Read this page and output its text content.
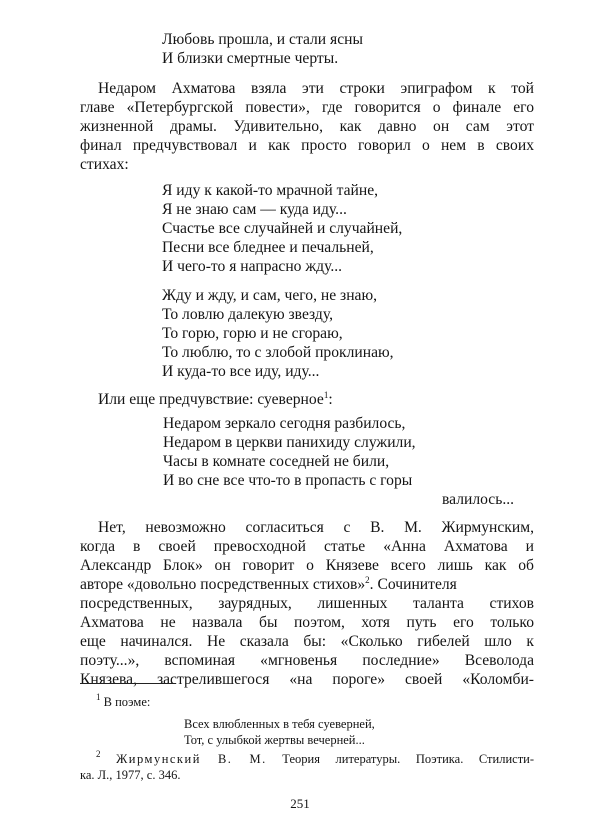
Любовь прошла, и стали ясны
И близки смертные черты.
Недаром Ахматова взяла эти строки эпиграфом к той
главе «Петербургской повести», где говорится о финале его
жизненной драмы. Удивительно, как давно он сам этот
финал предчувствовал и как просто говорил о нем в своих
стихах:
Я иду к какой-то мрачной тайне,
Я не знаю сам — куда иду...
Счастье все случайней и случайней,
Песни все бледнее и печальней,
И чего-то я напрасно жду...
Жду и жду, и сам, чего, не знаю,
То ловлю далекую звезду,
То горю, горю и не сгораю,
То люблю, то с злобой проклинаю,
И куда-то все иду, иду...
Или еще предчувствие: суеверное$^1$:
Недаром зеркало сегодня разбилось,
Недаром в церкви панихиду служили,
Часы в комнате соседней не били,
И во сне все что-то в пропасть с горы
валилось...
Нет, невозможно согласиться с В. М. Жирмунским,
когда в своей превосходной статье «Анна Ахматова и
Александр Блок» он говорит о Князеве всего лишь как об
авторе «довольно посредственных стихов»$^2$. Сочинителя
посредственных, заурядных, лишенных таланта стихов
Ахматова не назвала бы поэтом, хотя путь его только
еще начинался. Не сказала бы: «Сколько гибелей шло к
поэту...», вспоминая «мгновенья последние» Всеволода
Князева, застрелившегося «на пороге» своей «Коломби-
$^1$ В поэме:
Всех влюбленных в тебя суеверней,
Тот, с улыбкой жертвы вечерней...
$^2$ Жирмунский В. М. Теория литературы. Поэтика. Стилисти-
ка. Л., 1977, с. 346.
251
